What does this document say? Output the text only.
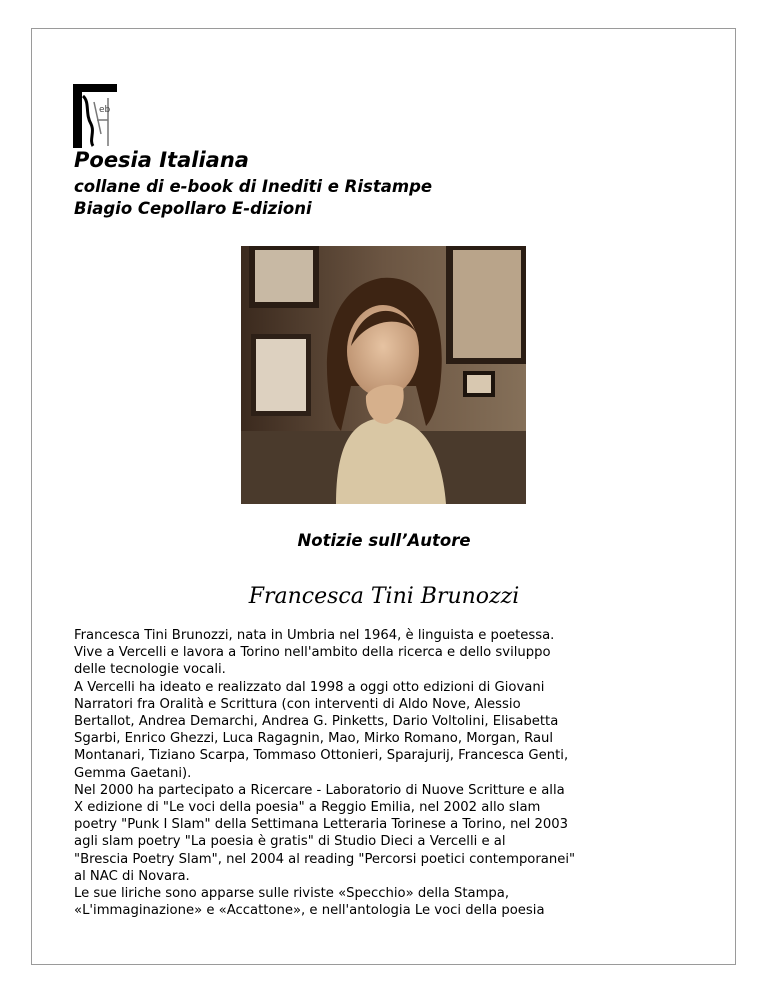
eb
Poesia Italiana
collane di e-book di Inediti e Ristampe
Biagio Cepollaro E-dizioni
Notizie sull’Autore
Francesca Tini Brunozzi
Francesca Tini Brunozzi, nata in Umbria nel 1964, è linguista e poetessa.
Vive a Vercelli e lavora a Torino nell'ambito della ricerca e dello sviluppo
delle tecnologie vocali.
A Vercelli ha ideato e realizzato dal 1998 a oggi otto edizioni di Giovani
Narratori fra Oralità e Scrittura (con interventi di Aldo Nove, Alessio
Bertallot, Andrea Demarchi, Andrea G. Pinketts, Dario Voltolini, Elisabetta
Sgarbi, Enrico Ghezzi, Luca Ragagnin, Mao, Mirko Romano, Morgan, Raul
Montanari, Tiziano Scarpa, Tommaso Ottonieri, Sparajurij, Francesca Genti,
Gemma Gaetani).
Nel 2000 ha partecipato a Ricercare - Laboratorio di Nuove Scritture e alla
X edizione di "Le voci della poesia" a Reggio Emilia, nel 2002 allo slam
poetry "Punk I Slam" della Settimana Letteraria Torinese a Torino, nel 2003
agli slam poetry "La poesia è gratis" di Studio Dieci a Vercelli e al
"Brescia Poetry Slam", nel 2004 al reading "Percorsi poetici contemporanei"
al NAC di Novara.
Le sue liriche sono apparse sulle riviste «Specchio» della Stampa,
«L'immaginazione» e «Accattone», e nell'antologia Le voci della poesia
